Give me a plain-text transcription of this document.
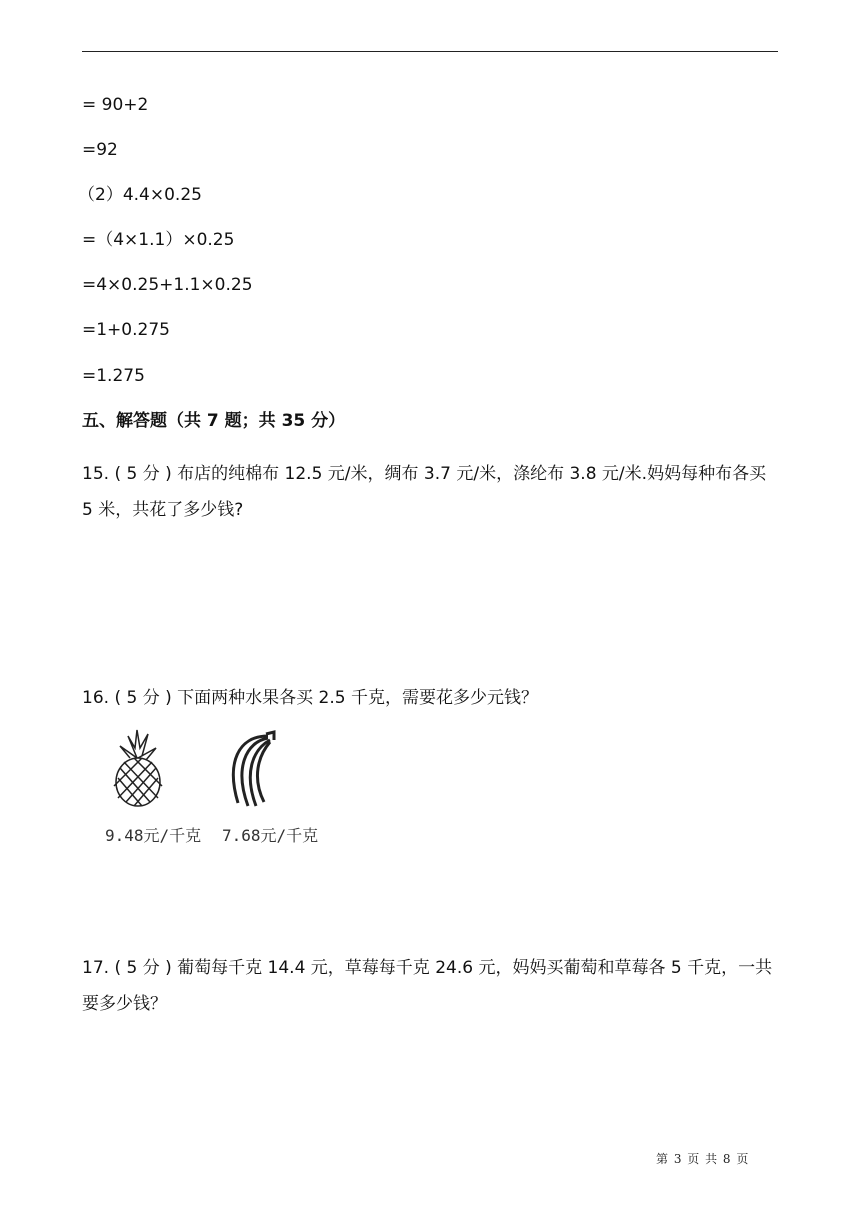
= 90+2
=92
（2）4.4×0.25
=（4×1.1）×0.25
=4×0.25+1.1×0.25
=1+0.275
=1.275
五、解答题（共 7 题；共 35 分）
15. ( 5 分 ) 布店的纯棉布 12.5 元/米，绸布 3.7 元/米，涤纶布 3.8 元/米.妈妈每种布各买 5 米，共花了多少钱?
16. ( 5 分 ) 下面两种水果各买 2.5 千克，需要花多少元钱？
9.48元/千克 7.68元/千克
17. ( 5 分 ) 葡萄每千克 14.4 元，草莓每千克 24.6 元，妈妈买葡萄和草莓各 5 千克，一共要多少钱？
第 3 页 共 8 页
